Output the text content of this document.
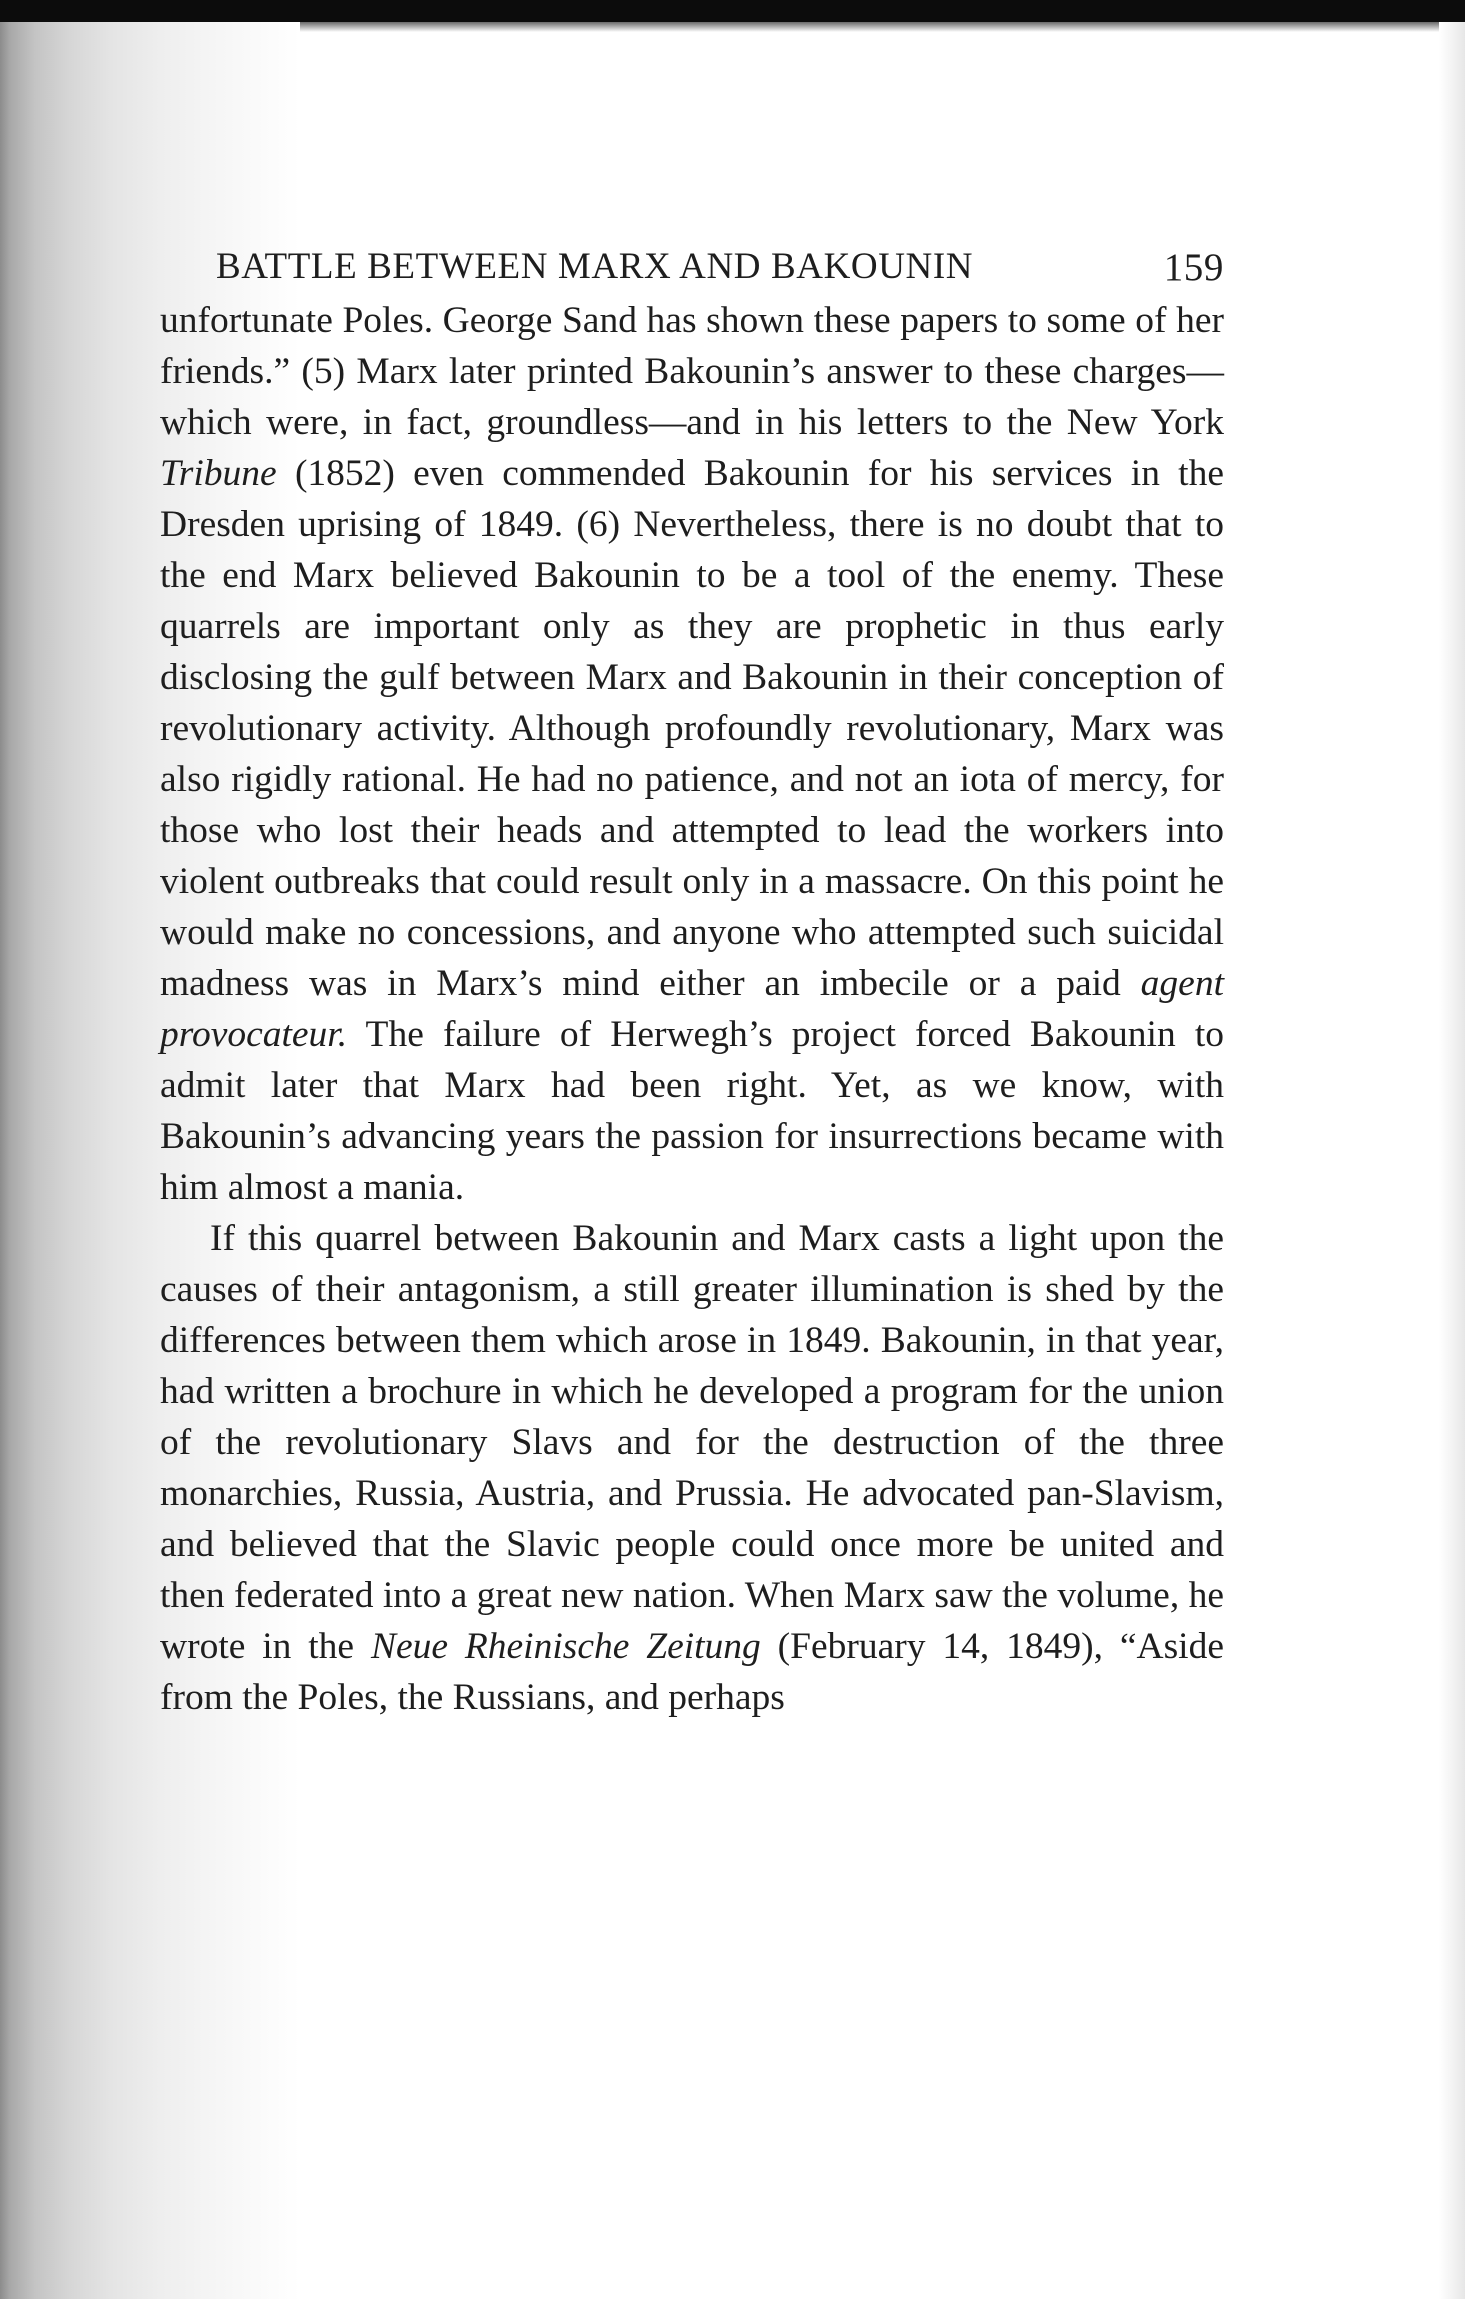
BATTLE BETWEEN MARX AND BAKOUNIN	159

unfortunate Poles. George Sand has shown these papers to some of her friends.” (5) Marx later printed Bakounin’s answer to these charges—which were, in fact, groundless—and in his letters to the New York Tribune (1852) even commended Bakounin for his services in the Dresden uprising of 1849. (6) Nevertheless, there is no doubt that to the end Marx believed Bakounin to be a tool of the enemy. These quarrels are important only as they are prophetic in thus early disclosing the gulf between Marx and Bakounin in their conception of revolutionary activity. Although profoundly revolutionary, Marx was also rigidly rational. He had no patience, and not an iota of mercy, for those who lost their heads and attempted to lead the workers into violent outbreaks that could result only in a massacre. On this point he would make no concessions, and anyone who attempted such suicidal madness was in Marx’s mind either an imbecile or a paid agent provocateur. The failure of Herwegh’s project forced Bakounin to admit later that Marx had been right. Yet, as we know, with Bakounin’s advancing years the passion for insurrections became with him almost a mania.

If this quarrel between Bakounin and Marx casts a light upon the causes of their antagonism, a still greater illumination is shed by the differences between them which arose in 1849. Bakounin, in that year, had written a brochure in which he developed a program for the union of the revolutionary Slavs and for the destruction of the three monarchies, Russia, Austria, and Prussia. He advocated pan-Slavism, and believed that the Slavic people could once more be united and then federated into a great new nation. When Marx saw the volume, he wrote in the Neue Rheinische Zeitung (February 14, 1849), “Aside from the Poles, the Russians, and perhaps
